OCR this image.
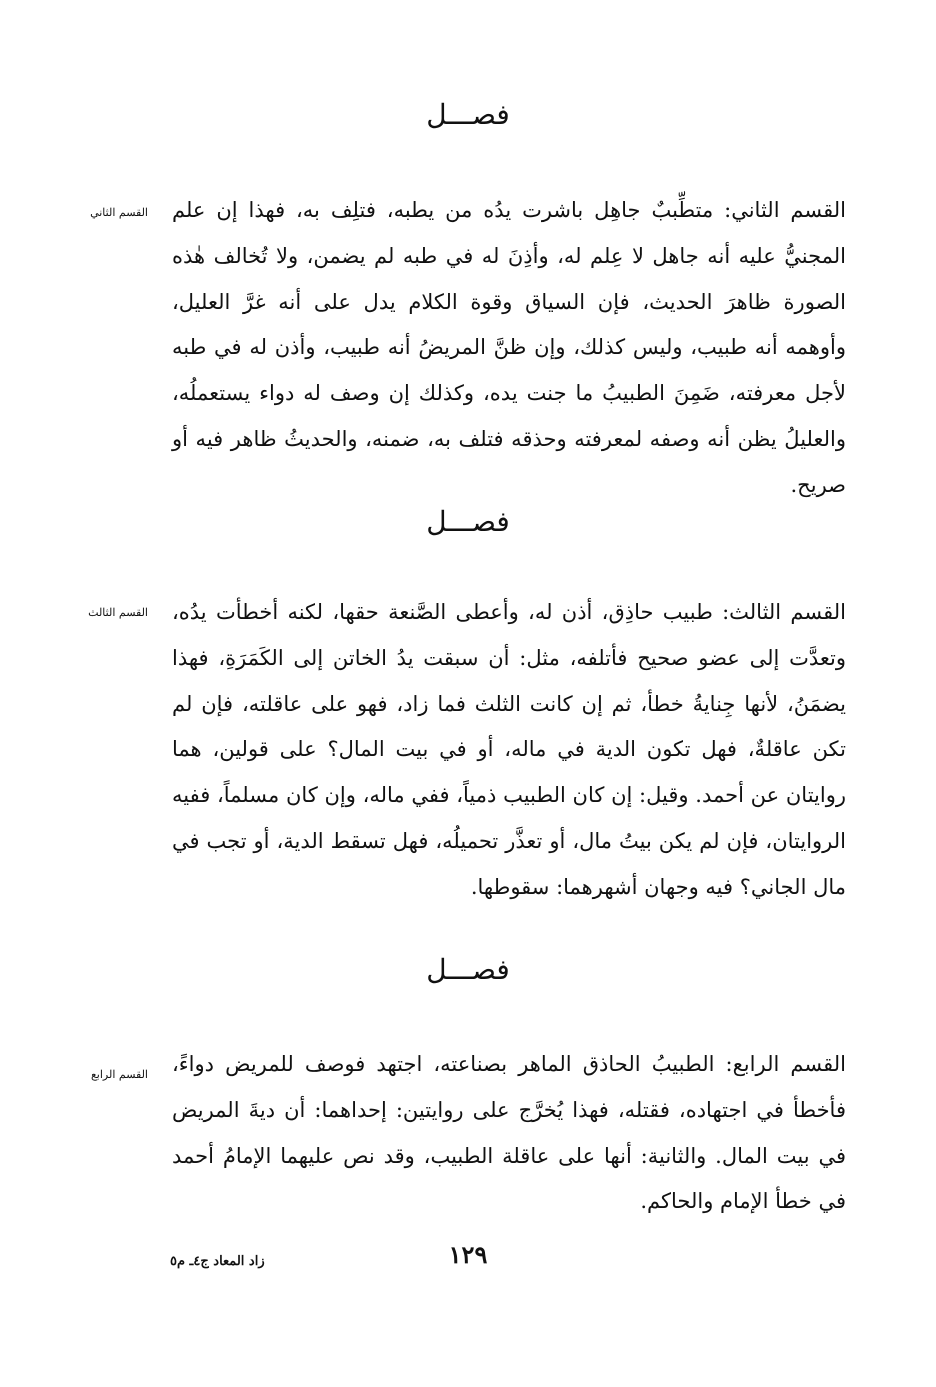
فصـــل
القسم الثاني القسم الثاني: متطِّببٌ جاهِل باشرت يدُه من يطبه، فتلِف به، فهذا إن علم المجنيُّ عليه أنه جاهل لا عِلم له، وأذِنَ له في طبه لم يضمن، ولا تُخالف هٰذه الصورة ظاهرَ الحديث، فإن السياق وقوة الكلام يدل على أنه غرَّ العليل، وأوهمه أنه طبيب، وليس كذلك، وإن ظنَّ المريضُ أنه طبيب، وأذن له في طبه لأجل معرفته، ضَمِنَ الطبيبُ ما جنت يده، وكذلك إن وصف له دواء يستعملُه، والعليلُ يظن أنه وصفه لمعرفته وحذقه فتلف به، ضمنه، والحديثُ ظاهر فيه أو صريح.

فصـــل
القسم الثالث القسم الثالث: طبيب حاذِق، أذن له، وأعطى الصَّنعة حقها، لكنه أخطأت يدُه، وتعدَّت إلى عضو صحيح فأتلفه، مثل: أن سبقت يدُ الخاتن إلى الكَمَرَةِ، فهذا يضمَنُ، لأنها جِنايةُ خطأ، ثم إن كانت الثلث فما زاد، فهو على عاقلته، فإن لم تكن عاقلةٌ، فهل تكون الدية في ماله، أو في بيت المال؟ على قولين، هما روايتان عن أحمد. وقيل: إن كان الطبيب ذمياً، ففي ماله، وإن كان مسلماً، ففيه الروايتان، فإن لم يكن بيتُ مال، أو تعذَّر تحميلُه، فهل تسقط الدية، أو تجب في مال الجاني؟ فيه وجهان أشهرهما: سقوطها.

فصـــل
القسم الرابع القسم الرابع: الطبيبُ الحاذق الماهر بصناعته، اجتهد فوصف للمريض دواءً، فأخطأ في اجتهاده، فقتله، فهذا يُخرَّج على روايتين: إحداهما: أن ديةَ المريض في بيت المال. والثانية: أنها على عاقلة الطبيب، وقد نص عليهما الإمامُ أحمد في خطأ الإمام والحاكم.

١٢٩
زاد المعاد ج٤ـ م٥
